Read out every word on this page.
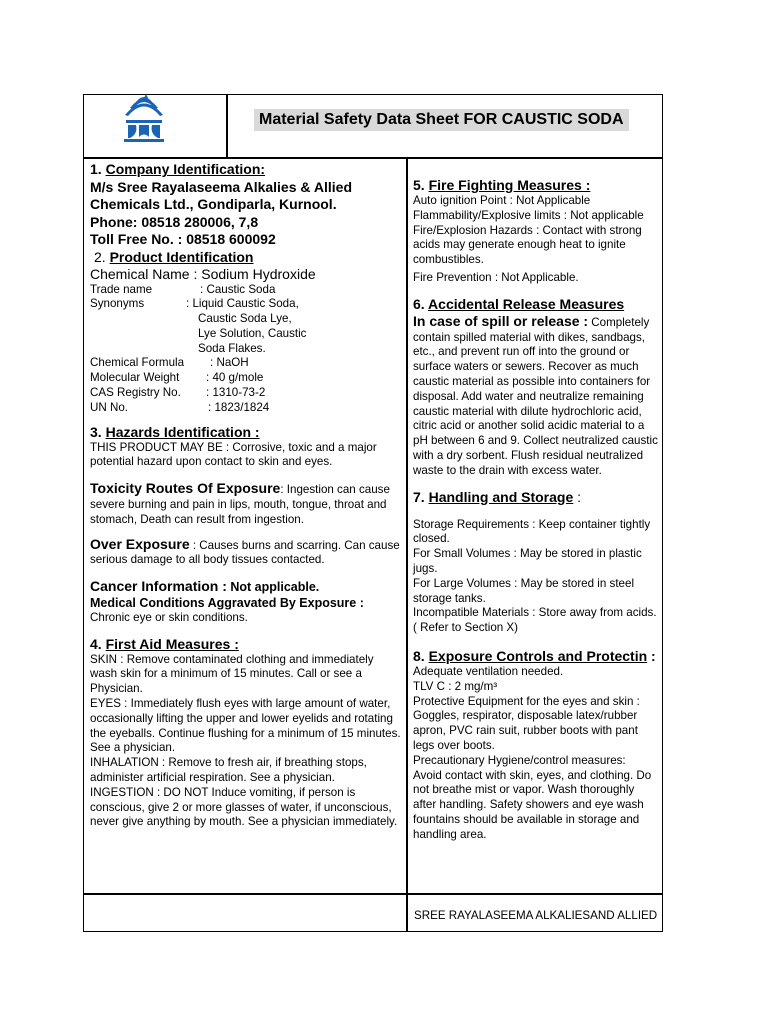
Material Safety Data Sheet FOR CAUSTIC SODA

1. Company Identification:

M/s Sree Rayalaseema Alkalies & Allied

Chemicals Ltd., Gondiparla, Kurnool.

Phone: 08518 280006, 7,8

Toll Free No. : 08518 600092

2. Product Identification

Chemical Name : Sodium Hydroxide

Trade name	: Caustic Soda
Synonyms	: Liquid Caustic Soda,

Caustic Soda Lye,

Lye Solution, Caustic

Soda Flakes.

Chemical Formula	: NaOH
Molecular Weight	: 40 g/mole
CAS Registry No.	: 1310-73-2
UN No.	: 1823/1824

3. Hazards Identification :

THIS PRODUCT MAY BE : Corrosive, toxic and a major potential hazard upon contact to skin and eyes.

Toxicity Routes Of Exposure: Ingestion can cause severe burning and pain in lips, mouth, tongue, throat and stomach, Death can result from ingestion.

Over Exposure : Causes burns and scarring. Can cause serious damage to all body tissues contacted.

Cancer Information : Not applicable.

Medical Conditions Aggravated By Exposure :

Chronic eye or skin conditions.

4. First Aid Measures :

SKIN : Remove contaminated clothing and immediately wash skin for a minimum of 15 minutes. Call or see a Physician.

EYES : Immediately flush eyes with large amount of water, occasionally lifting the upper and lower eyelids and rotating the eyeballs. Continue flushing for a minimum of 15 minutes. See a physician.

INHALATION : Remove to fresh air, if breathing stops, administer artificial respiration. See a physician.

INGESTION : DO NOT Induce vomiting, if person is conscious, give 2 or more glasses of water, if unconscious, never give anything by mouth. See a physician immediately.

5. Fire Fighting Measures :

Auto ignition Point : Not Applicable

Flammability/Explosive limits : Not applicable

Fire/Explosion Hazards : Contact with strong acids may generate enough heat to ignite combustibles.

Fire Prevention : Not Applicable.

6. Accidental Release Measures

In case of spill or release : Completely contain spilled material with dikes, sandbags, etc., and prevent run off into the ground or surface waters or sewers. Recover as much caustic material as possible into containers for disposal. Add water and neutralize remaining caustic material with dilute hydrochloric acid, citric acid or another solid acidic material to a pH between 6 and 9. Collect neutralized caustic with a dry sorbent. Flush residual neutralized waste to the drain with excess water.

7. Handling and Storage :

Storage Requirements : Keep container tightly closed.

For Small Volumes : May be stored in plastic jugs.

For Large Volumes : May be stored in steel storage tanks.

Incompatible Materials : Store away from acids.

( Refer to Section X)

8. Exposure Controls and Protectin :

Adequate ventilation needed.

TLV C : 2 mg/m³

Protective Equipment for the eyes and skin : Goggles, respirator, disposable latex/rubber apron, PVC rain suit, rubber boots with pant legs over boots.

Precautionary Hygiene/control measures:

Avoid contact with skin, eyes, and clothing. Do not breathe mist or vapor. Wash thoroughly after handling. Safety showers and eye wash fountains should be available in storage and handling area.

SREE RAYALASEEMA ALKALIESAND ALLIED
